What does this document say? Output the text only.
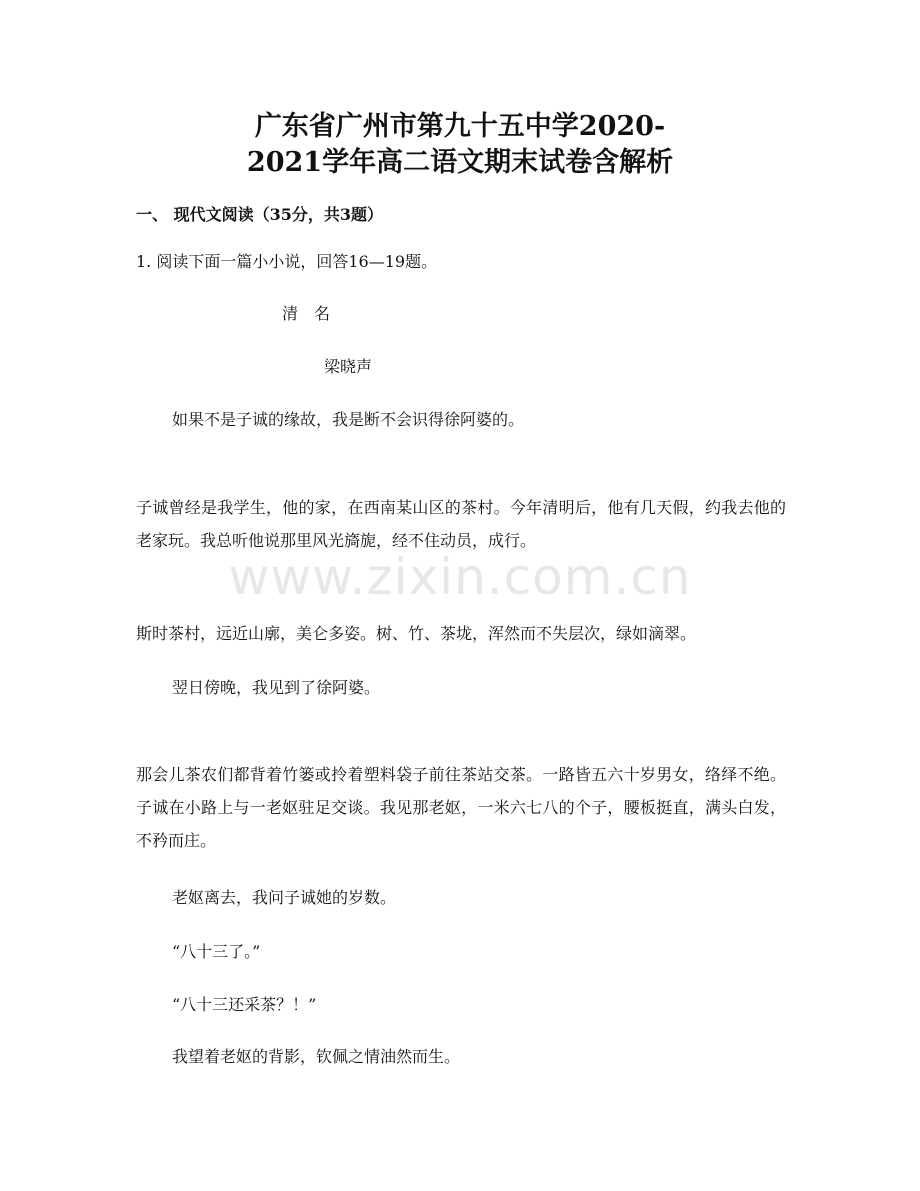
广东省广州市第九十五中学2020-
2021学年高二语文期末试卷含解析
一、 现代文阅读（35分，共3题）
1. 阅读下面一篇小小说，回答16—19题。
清　名
梁晓声

如果不是子诚的缘故，我是断不会识得徐阿婆的。

子诚曾经是我学生，他的家，在西南某山区的茶村。今年清明后，他有几天假，约我去他的老家玩。我总听他说那里风光旖旎，经不住动员，成行。

斯时茶村，远近山廓，美仑多姿。树、竹、茶垅，浑然而不失层次，绿如滴翠。

翌日傍晚，我见到了徐阿婆。

那会儿茶农们都背着竹篓或拎着塑料袋子前往茶站交茶。一路皆五六十岁男女，络绎不绝。子诚在小路上与一老妪驻足交谈。我见那老妪，一米六七八的个子，腰板挺直，满头白发，不矜而庄。

老妪离去，我问子诚她的岁数。

“八十三了。”

“八十三还采茶？！”

我望着老妪的背影，钦佩之情油然而生。

www.zixin.com.cn
